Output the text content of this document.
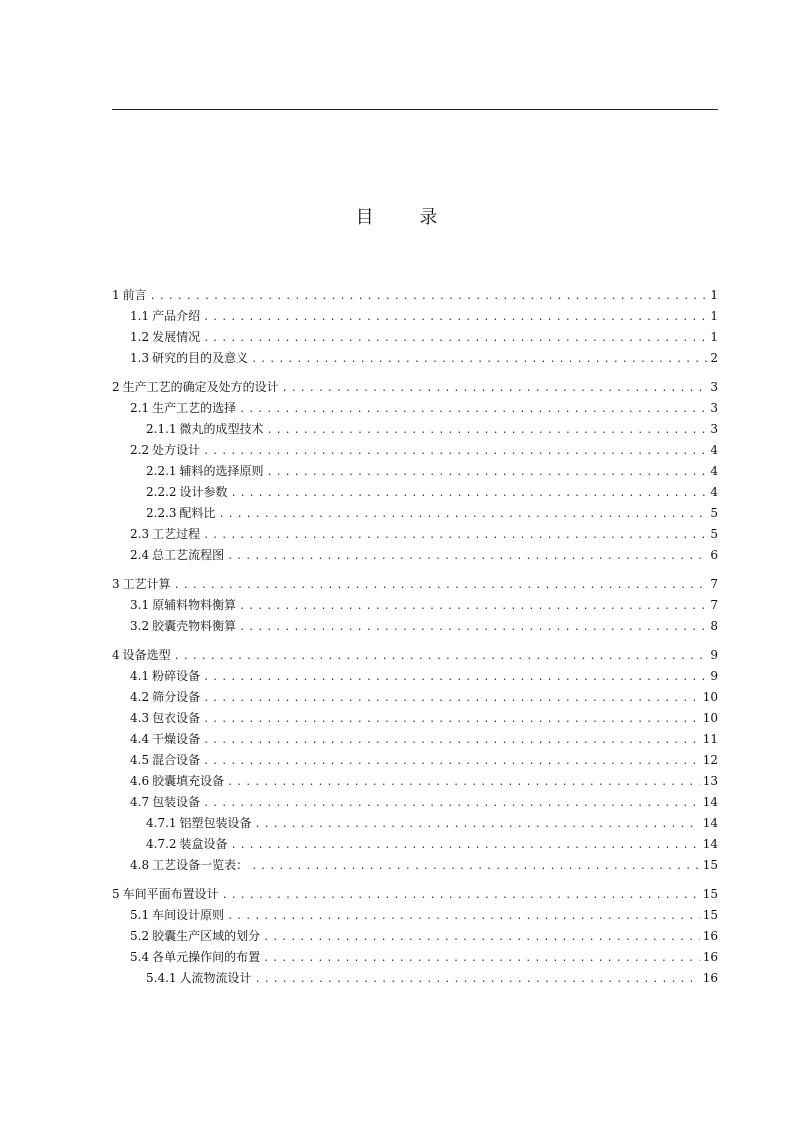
目 录
1 前言 . . .	1
1.1 产品介绍 . . .	1
1.2 发展情况 . . .	1
1.3 研究的目的及意义 . . .	2
2 生产工艺的确定及处方的设计 . . .	3
2.1 生产工艺的选择 . . .	3
2.1.1 微丸的成型技术 . . .	3
2.2 处方设计 . . .	4
2.2.1 辅料的选择原则 . . .	4
2.2.2 设计参数 . . .	4
2.2.3 配料比 . . .	5
2.3 工艺过程 . . .	5
2.4 总工艺流程图 . . .	6
3 工艺计算 . . .	7
3.1 原辅料物料衡算 . . .	7
3.2 胶囊壳物料衡算 . . .	8
4 设备选型 . . .	9
4.1 粉碎设备 . . .	9
4.2 筛分设备 . . .	10
4.3 包衣设备 . . .	10
4.4 干燥设备 . . .	11
4.5 混合设备 . . .	12
4.6 胶囊填充设备 . . .	13
4.7 包装设备 . . .	14
4.7.1 铝塑包装设备 . . .	14
4.7.2 装盒设备 . . .	14
4.8 工艺设备一览表： . . .	15
5 车间平面布置设计 . . .	15
5.1 车间设计原则 . . .	15
5.2 胶囊生产区域的划分 . . .	16
5.4 各单元操作间的布置 . . .	16
5.4.1 人流物流设计 . . .	16
